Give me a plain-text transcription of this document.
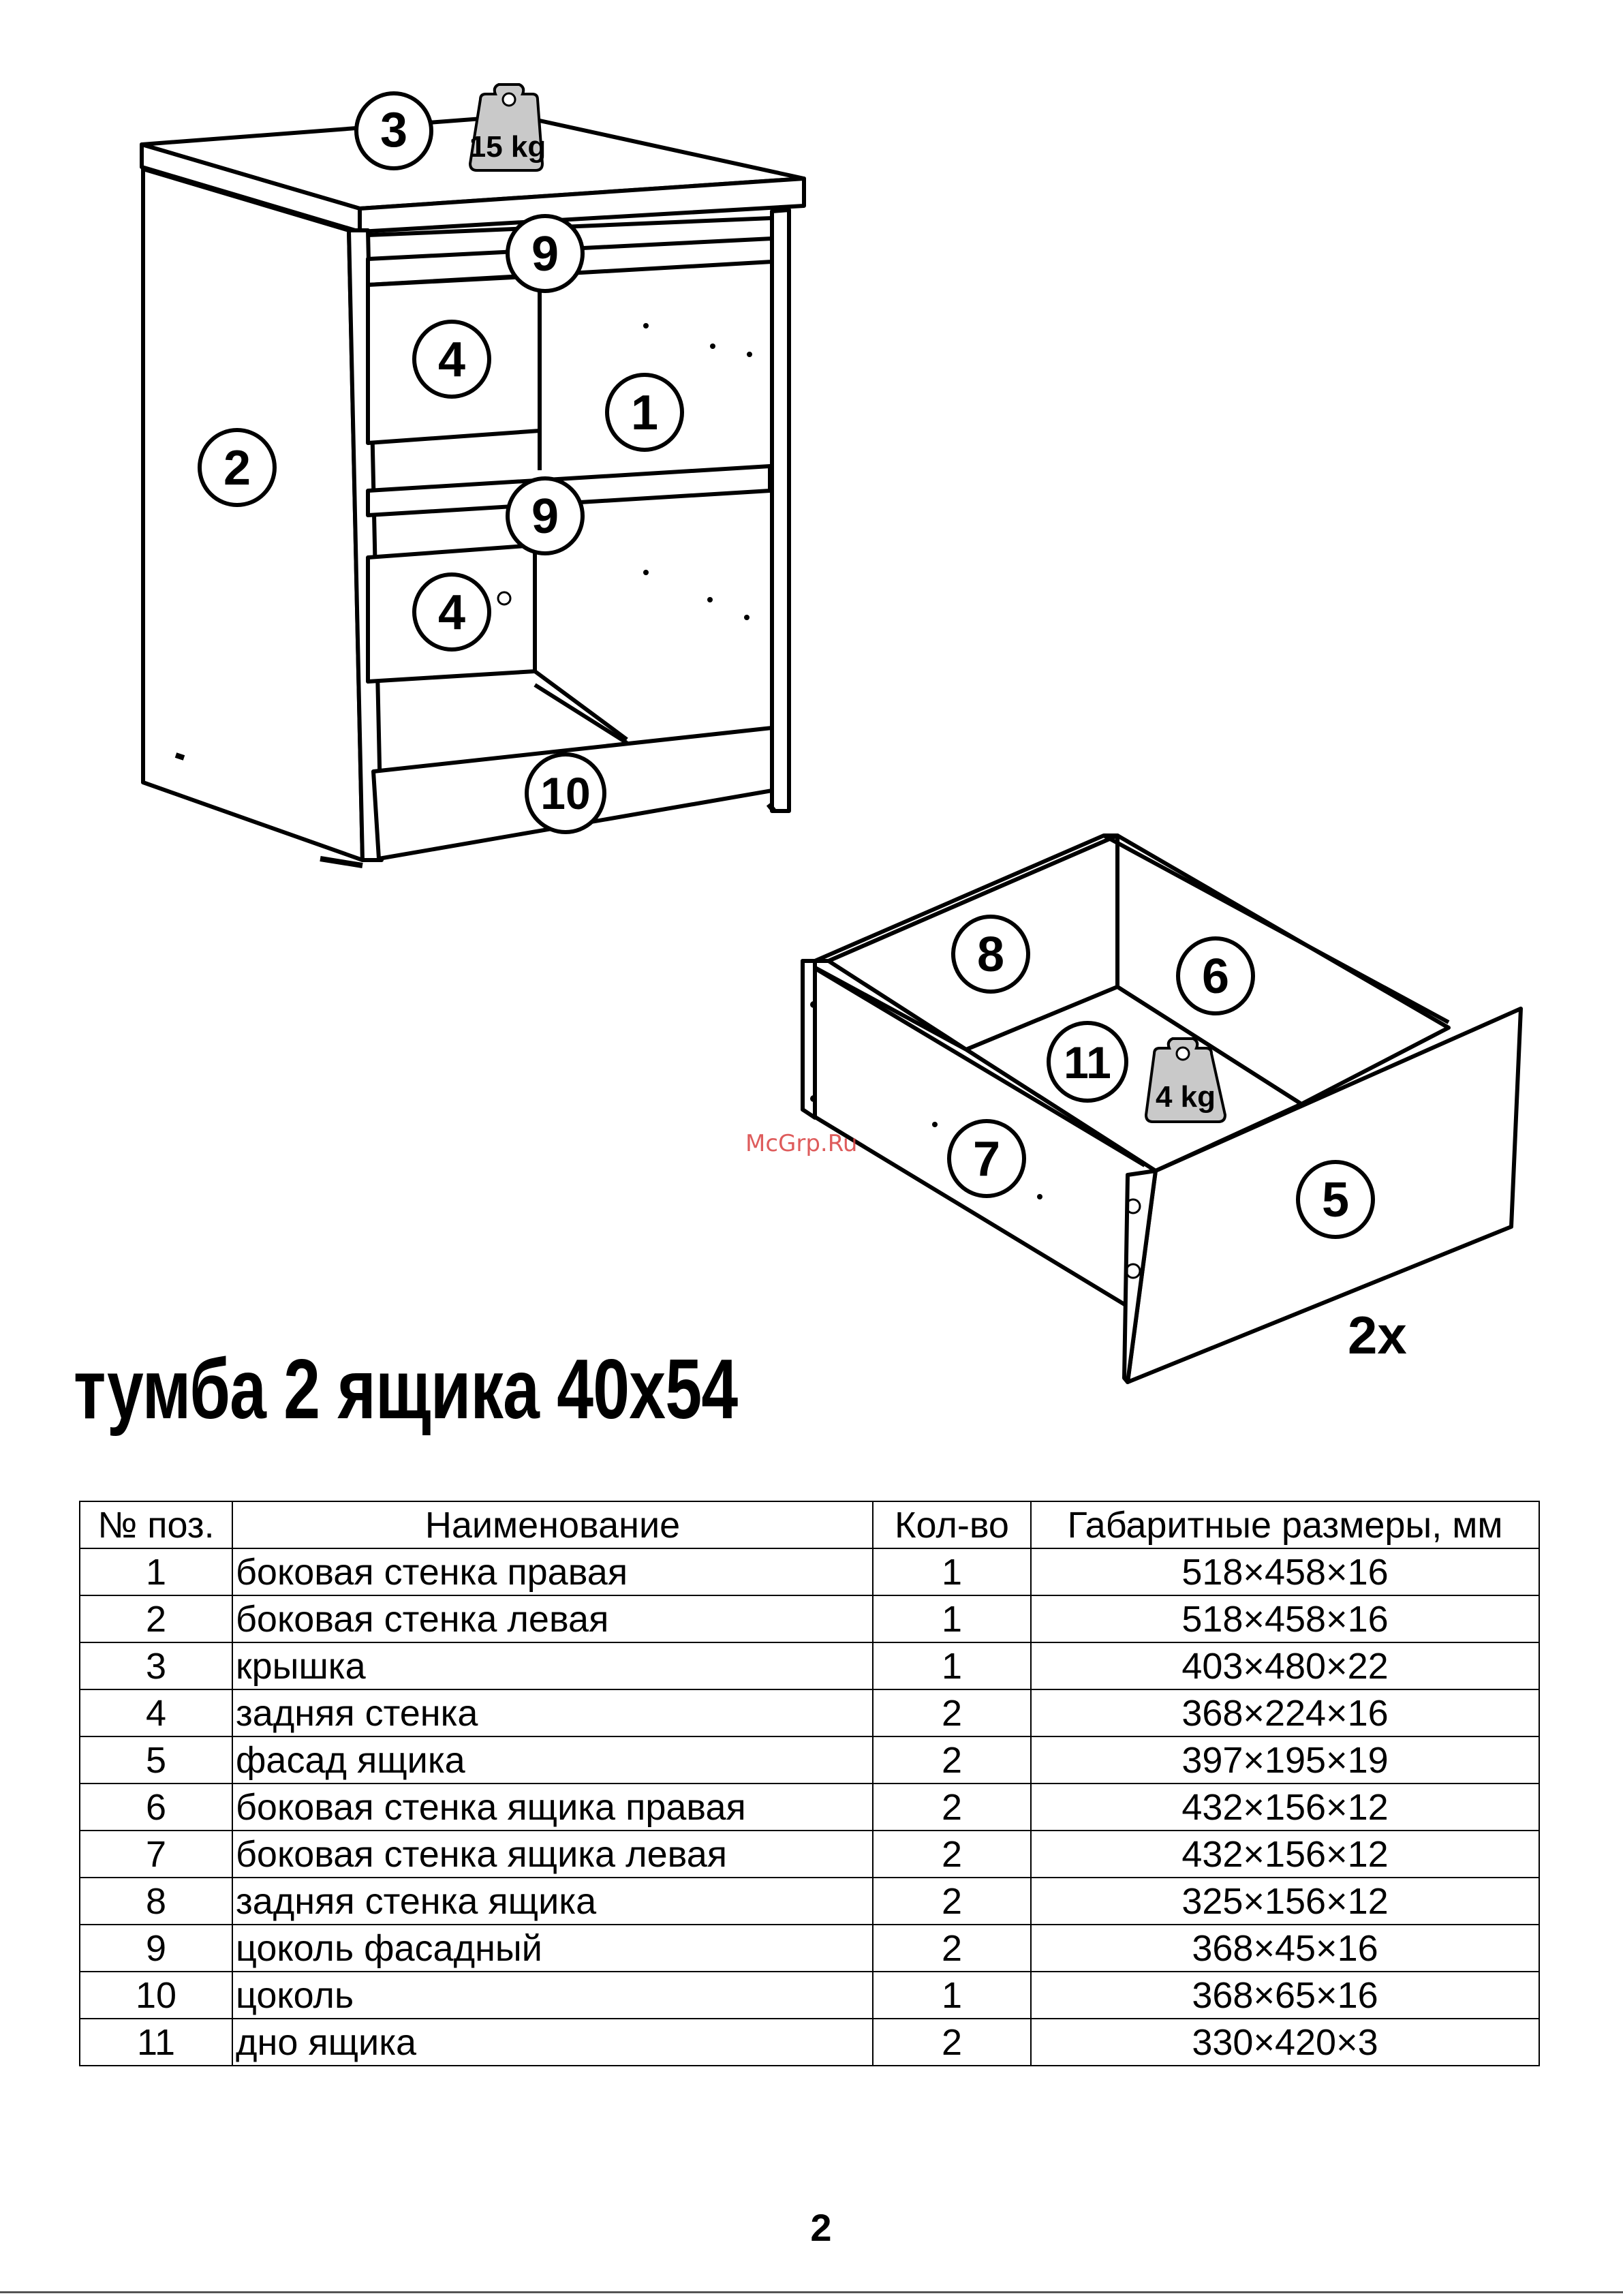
3
9
4
1
2
9
4
10
15 kg
8	6
11
7
5
4 kg
2x
McGrp.Ru
тумба 2 ящика 40x54
№ поз.	Наименование	Кол-во	Габаритные размеры, мм
1	боковая стенка правая	1	518×458×16
2	боковая стенка левая	1	518×458×16
3	крышка	1	403×480×22
4	задняя стенка	2	368×224×16
5	фасад ящика	2	397×195×19
6	боковая стенка ящика правая	2	432×156×12
7	боковая стенка ящика левая	2	432×156×12
8	задняя стенка ящика	2	325×156×12
9	цоколь фасадный	2	368×45×16
10	цоколь	1	368×65×16
11	дно ящика	2	330×420×3
2
